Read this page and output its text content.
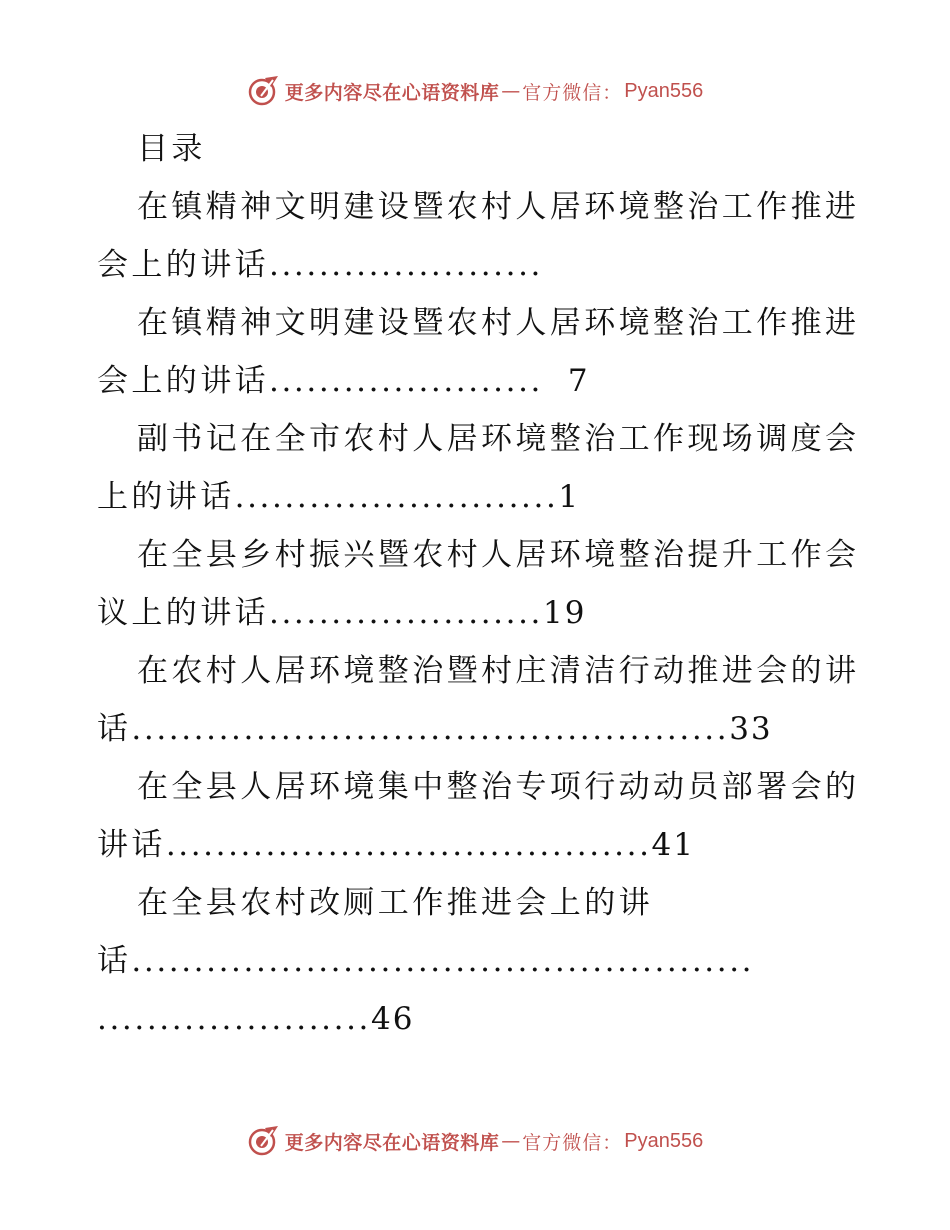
更多内容尽在心语资料库 — 官方微信： Pyan556
目录
在镇精神文明建设暨农村人居环境整治工作推进
会上的讲话......................
在镇精神文明建设暨农村人居环境整治工作推进
会上的讲话......................  7
副书记在全市农村人居环境整治工作现场调度会
上的讲话..........................1
在全县乡村振兴暨农村人居环境整治提升工作会
议上的讲话......................19
在农村人居环境整治暨村庄清洁行动推进会的讲
话................................................33
在全县人居环境集中整治专项行动动员部署会的
讲话.......................................41
在全县农村改厕工作推进会上的讲
话..................................................
......................46
更多内容尽在心语资料库 — 官方微信： Pyan556
